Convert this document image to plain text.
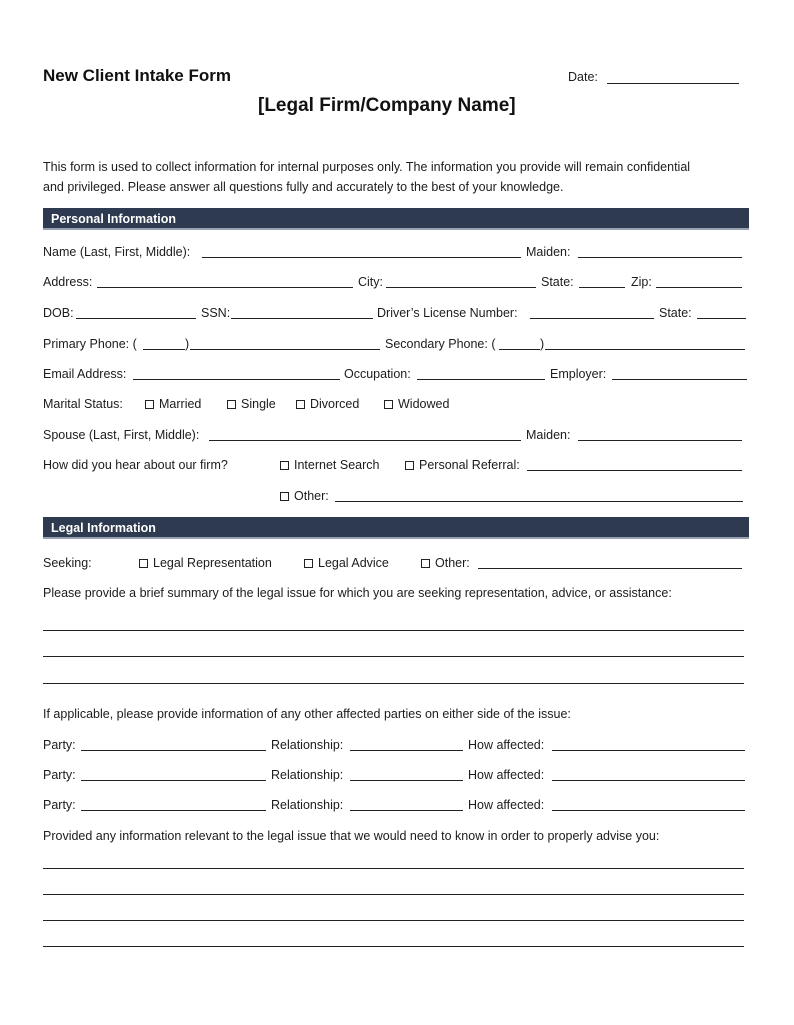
New Client Intake Form	Date:
[Legal Firm/Company Name]
This form is used to collect information for internal purposes only. The information you provide will remain confidential
and privileged. Please answer all questions fully and accurately to the best of your knowledge.
Personal Information
Name (Last, First, Middle):	Maiden:
Address:	City:	State:	Zip:
DOB:	SSN:	Driver’s License Number:	State:
Primary Phone: (	)	Secondary Phone: (	)
Email Address:	Occupation:	Employer:
Marital Status:	Married	Single	Divorced	Widowed
Spouse (Last, First, Middle):	Maiden:
How did you hear about our firm?	Internet Search	Personal Referral:
Other:
Legal Information
Seeking:	Legal Representation	Legal Advice	Other:
Please provide a brief summary of the legal issue for which you are seeking representation, advice, or assistance:
If applicable, please provide information of any other affected parties on either side of the issue:
Party:	Relationship:	How affected:
Party:	Relationship:	How affected:
Party:	Relationship:	How affected:
Provided any information relevant to the legal issue that we would need to know in order to properly advise you:
